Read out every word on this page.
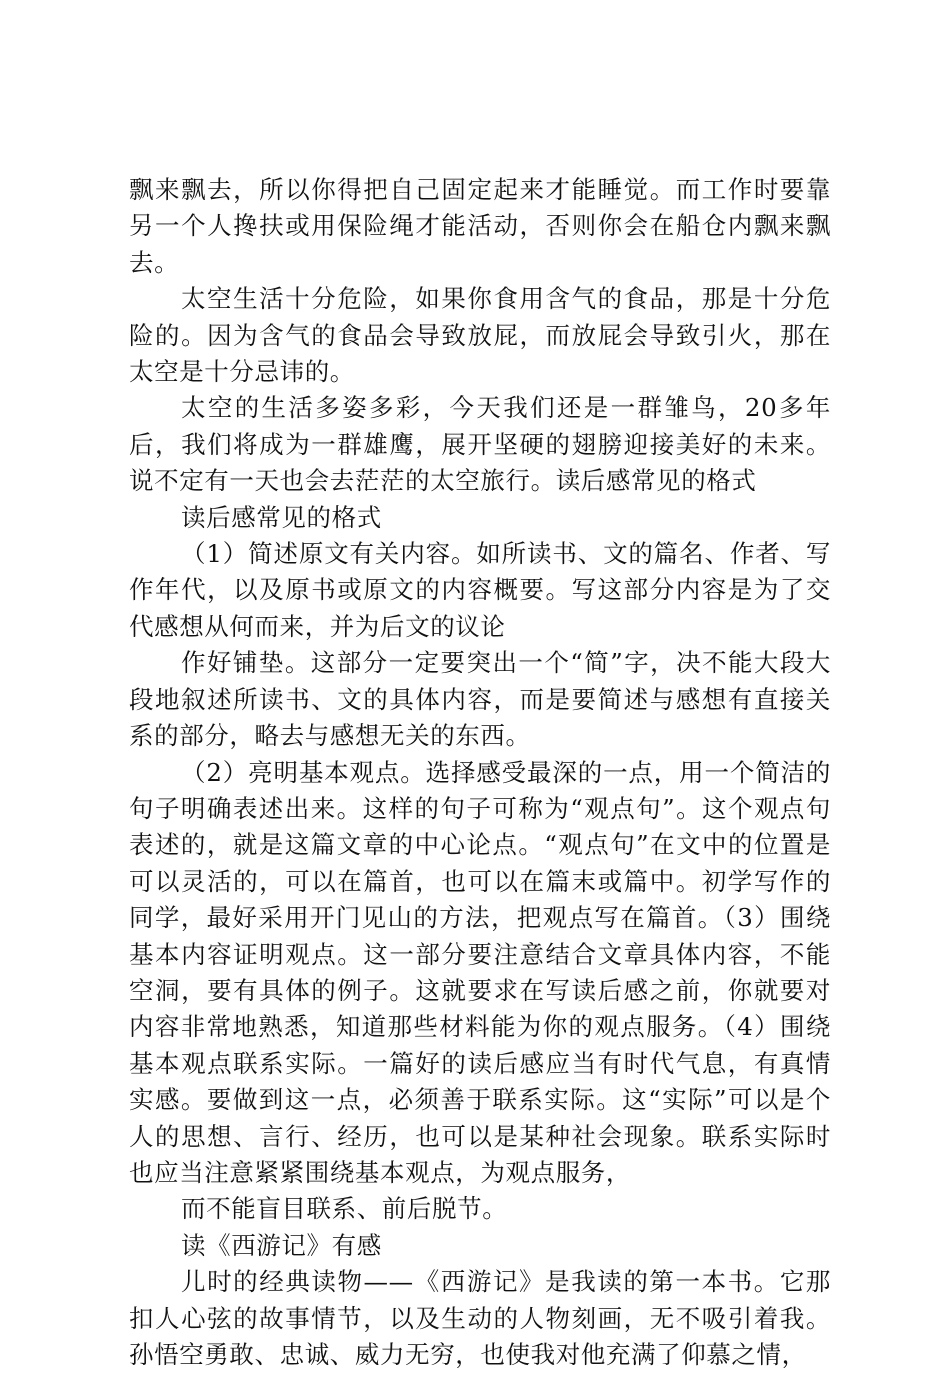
飘来飘去，所以你得把自己固定起来才能睡觉。而工作时要靠另一个人搀扶或用保险绳才能活动，否则你会在船仓内飘来飘去。

太空生活十分危险，如果你食用含气的食品，那是十分危险的。因为含气的食品会导致放屁，而放屁会导致引火，那在太空是十分忌讳的。

太空的生活多姿多彩，今天我们还是一群雏鸟，20多年后，我们将成为一群雄鹰，展开坚硬的翅膀迎接美好的未来。说不定有一天也会去茫茫的太空旅行。读后感常见的格式

读后感常见的格式

（1）简述原文有关内容。如所读书、文的篇名、作者、写作年代，以及原书或原文的内容概要。写这部分内容是为了交代感想从何而来，并为后文的议论

作好铺垫。这部分一定要突出一个“简”字，决不能大段大段地叙述所读书、文的具体内容，而是要简述与感想有直接关系的部分，略去与感想无关的东西。

（2）亮明基本观点。选择感受最深的一点，用一个简洁的句子明确表述出来。这样的句子可称为“观点句”。这个观点句表述的，就是这篇文章的中心论点。“观点句”在文中的位置是可以灵活的，可以在篇首，也可以在篇末或篇中。初学写作的同学，最好采用开门见山的方法，把观点写在篇首。（3）围绕基本内容证明观点。这一部分要注意结合文章具体内容，不能空洞，要有具体的例子。这就要求在写读后感之前，你就要对内容非常地熟悉，知道那些材料能为你的观点服务。（4）围绕基本观点联系实际。一篇好的读后感应当有时代气息，有真情实感。要做到这一点，必须善于联系实际。这“实际”可以是个人的思想、言行、经历，也可以是某种社会现象。联系实际时也应当注意紧紧围绕基本观点，为观点服务，

而不能盲目联系、前后脱节。

读《西游记》有感

儿时的经典读物——《西游记》是我读的第一本书。它那扣人心弦的故事情节，以及生动的人物刻画，无不吸引着我。孙悟空勇敢、忠诚、威力无穷，也使我对他充满了仰慕之情，
